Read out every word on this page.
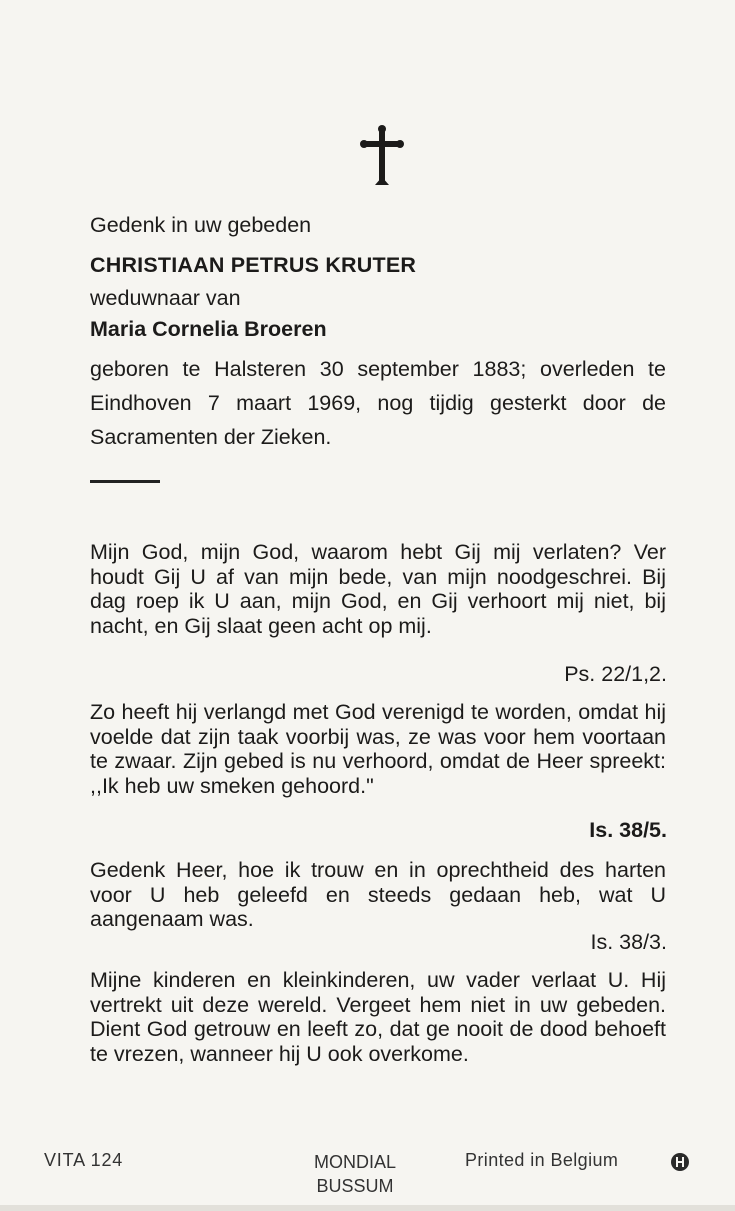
Gedenk in uw gebeden

CHRISTIAAN PETRUS KRUTER

weduwnaar van

Maria Cornelia Broeren

geboren te Halsteren 30 september 1883; overleden te Eindhoven 7 maart 1969, nog tijdig gesterkt door de Sacramenten der Zieken.

Mijn God, mijn God, waarom hebt Gij mij verlaten? Ver houdt Gij U af van mijn bede, van mijn noodgeschrei. Bij dag roep ik U aan, mijn God, en Gij verhoort mij niet, bij nacht, en Gij slaat geen acht op mij.

Ps. 22/1,2.

Zo heeft hij verlangd met God verenigd te worden, omdat hij voelde dat zijn taak voorbij was, ze was voor hem voortaan te zwaar. Zijn gebed is nu verhoord, omdat de Heer spreekt: ,,Ik heb uw smeken gehoord."

Is. 38/5.

Gedenk Heer, hoe ik trouw en in oprechtheid des harten voor U heb geleefd en steeds gedaan heb, wat U aangenaam was.

Is. 38/3.

Mijne kinderen en kleinkinderen, uw vader verlaat U. Hij vertrekt uit deze wereld. Vergeet hem niet in uw gebeden. Dient God getrouw en leeft zo, dat ge nooit de dood behoeft te vrezen, wanneer hij U ook overkome.

VITA 124	MONDIAL
BUSSUM
Printed in Belgium
